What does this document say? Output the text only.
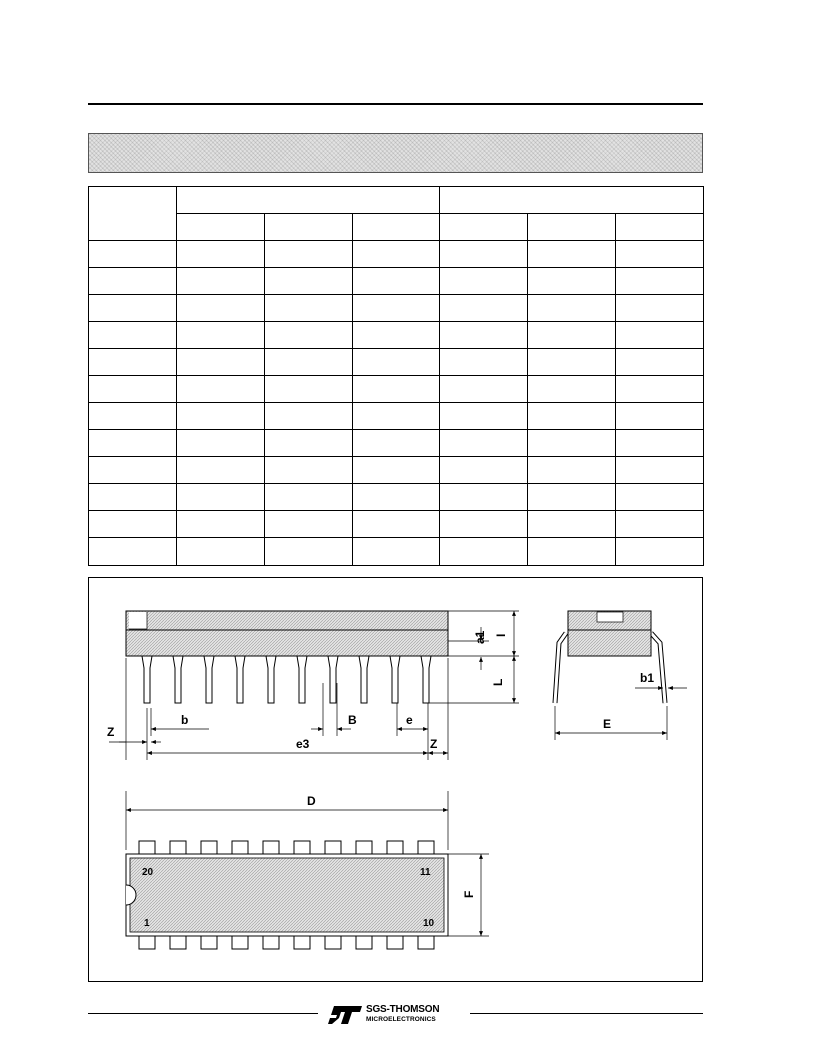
a1 I
L
Z
b	B	e
e3	Z
b1
E
D
20	11
1	10
F
SGS-THOMSON
MICROELECTRONICS
